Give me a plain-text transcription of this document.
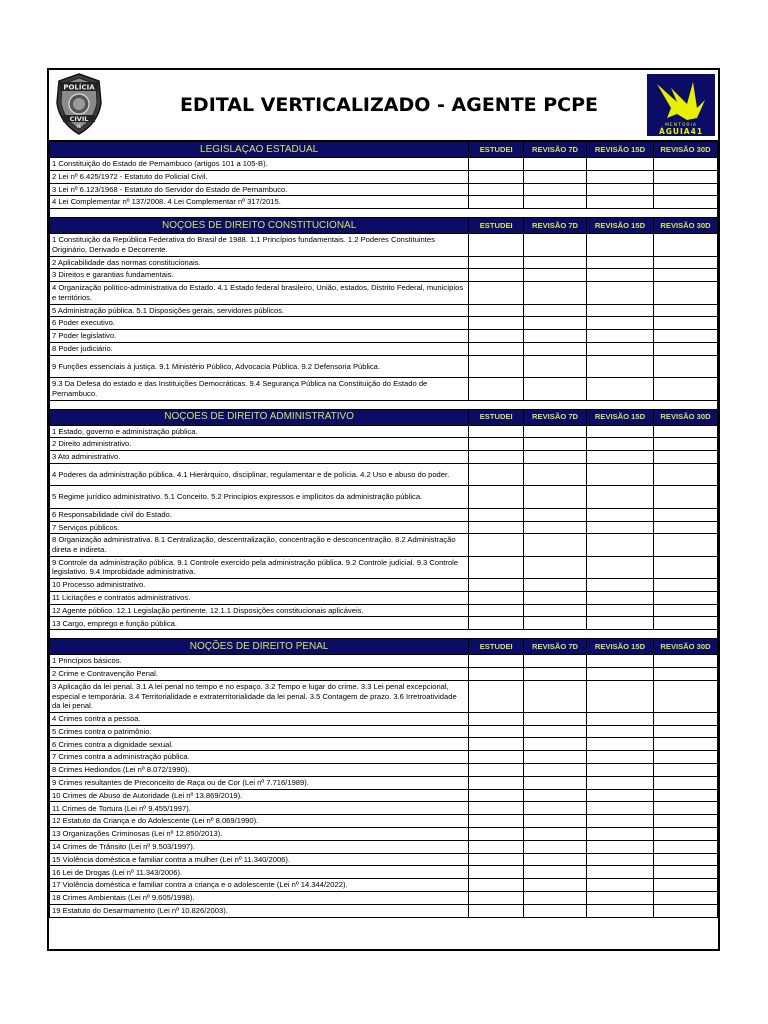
POLÍCIA
CIVIL
PE
EDITAL VERTICALIZADO - AGENTE PCPE
MENTORIA
ÁGUIA41
LEGISLAÇAO ESTADUAL	ESTUDEI	REVISÃO 7D	REVISÃO 15D	REVISÃO 30D
1 Constituição do Estado de Pernambuco (artigos 101 a 105-B).				
2 Lei nº 6.425/1972 - Estatuto do Policial Civil.				
3 Lei nº 6.123/1968 - Estatuto do Servidor do Estado de Pernambuco.				
4 Lei Complementar nº 137/2008. 4 Lei Complementar nº 317/2015.				

NOÇOES DE DIREITO CONSTITUCIONAL	ESTUDEI	REVISÃO 7D	REVISÃO 15D	REVISÃO 30D
1 Constituição da República Federativa do Brasil de 1988. 1.1 Princípios fundamentais. 1.2 Poderes Constituintes Originário, Derivado e Decorrente.				
2 Aplicabilidade das normas constitucionais.				
3 Direitos e garantias fundamentais.				
4 Organização político-administrativa do Estado. 4.1 Estado federal brasileiro, União, estados, Distrito Federal, municípios e territórios.				
5 Administração pública. 5.1 Disposições gerais, servidores públicos.				
6 Poder executivo.				
7 Poder legislativo.				
8 Poder judiciário.				
9 Funções essenciais à justiça. 9.1 Ministério Público, Advocacia Pública. 9.2 Defensoria Pública.				
9.3 Da Defesa do estado e das Instituições Democráticas. 9.4 Segurança Pública na Constituição do Estado de Pernambuco.				

NOÇOES DE DIREITO ADMINISTRATIVO	ESTUDEI	REVISÃO 7D	REVISÃO 15D	REVISÃO 30D
1 Estado, governo e administração pública.				
2 Direito administrativo.				
3 Ato administrativo.				
4 Poderes da administração pública. 4.1 Hierárquico, disciplinar, regulamentar e de polícia. 4.2 Uso e abuso do poder.				
5 Regime jurídico administrativo. 5.1 Conceito. 5.2 Princípios expressos e implícitos da administração pública.				
6 Responsabilidade civil do Estado.				
7 Serviços públicos.				
8 Organização administrativa. 8.1 Centralização, descentralização, concentração e desconcentração. 8.2 Administração direta e indireta.				
9 Controle da administração pública. 9.1 Controle exercido pela administração pública. 9.2 Controle judicial. 9.3 Controle legislativo. 9.4 Improbidade administrativa.				
10 Processo administrativo.				
11 Licitações e contratos administrativos.				
12 Agente público. 12.1 Legislação pertinente. 12.1.1 Disposições constitucionais aplicáveis.				
13 Cargo, emprego e função pública.				

NOÇÕES DE DIREITO PENAL	ESTUDEI	REVISÃO 7D	REVISÃO 15D	REVISÃO 30D
1 Princípios básicos.				
2 Crime e Contravenção Penal.				
3 Aplicação da lei penal. 3.1 A lei penal no tempo e no espaço. 3.2 Tempo e lugar do crime. 3.3 Lei penal excepcional, especial e temporária. 3.4 Territorialidade e extraterritorialidade da lei penal. 3.5 Contagem de prazo. 3.6 Irretroatividade da lei penal.				
4 Crimes contra a pessoa.				
5 Crimes contra o patrimônio.				
6 Crimes contra a dignidade sexual.				
7 Crimes contra a administração pública.				
8 Crimes Hediondos (Lei nº 8.072/1990).				
9 Crimes resultantes de Preconceito de Raça ou de Cor (Lei nº 7.716/1989).				
10 Crimes de Abuso de Autoridade (Lei nº 13.869/2019).				
11 Crimes de Tortura (Lei nº 9.455/1997).				
12 Estatuto da Criança e do Adolescente (Lei nº 8.069/1990).				
13 Organizações Criminosas (Lei nº 12.850/2013).				
14 Crimes de Trânsito (Lei nº 9.503/1997).				
15 Violência doméstica e familiar contra a mulher (Lei nº 11.340/2006).				
16 Lei de Drogas (Lei nº 11.343/2006).				
17 Violência doméstica e familiar contra a criança e o adolescente (Lei nº 14.344/2022).				
18 Crimes Ambientais (Lei nº 9.605/1998).				
19 Estatuto do Desarmamento (Lei nº 10.826/2003).				
